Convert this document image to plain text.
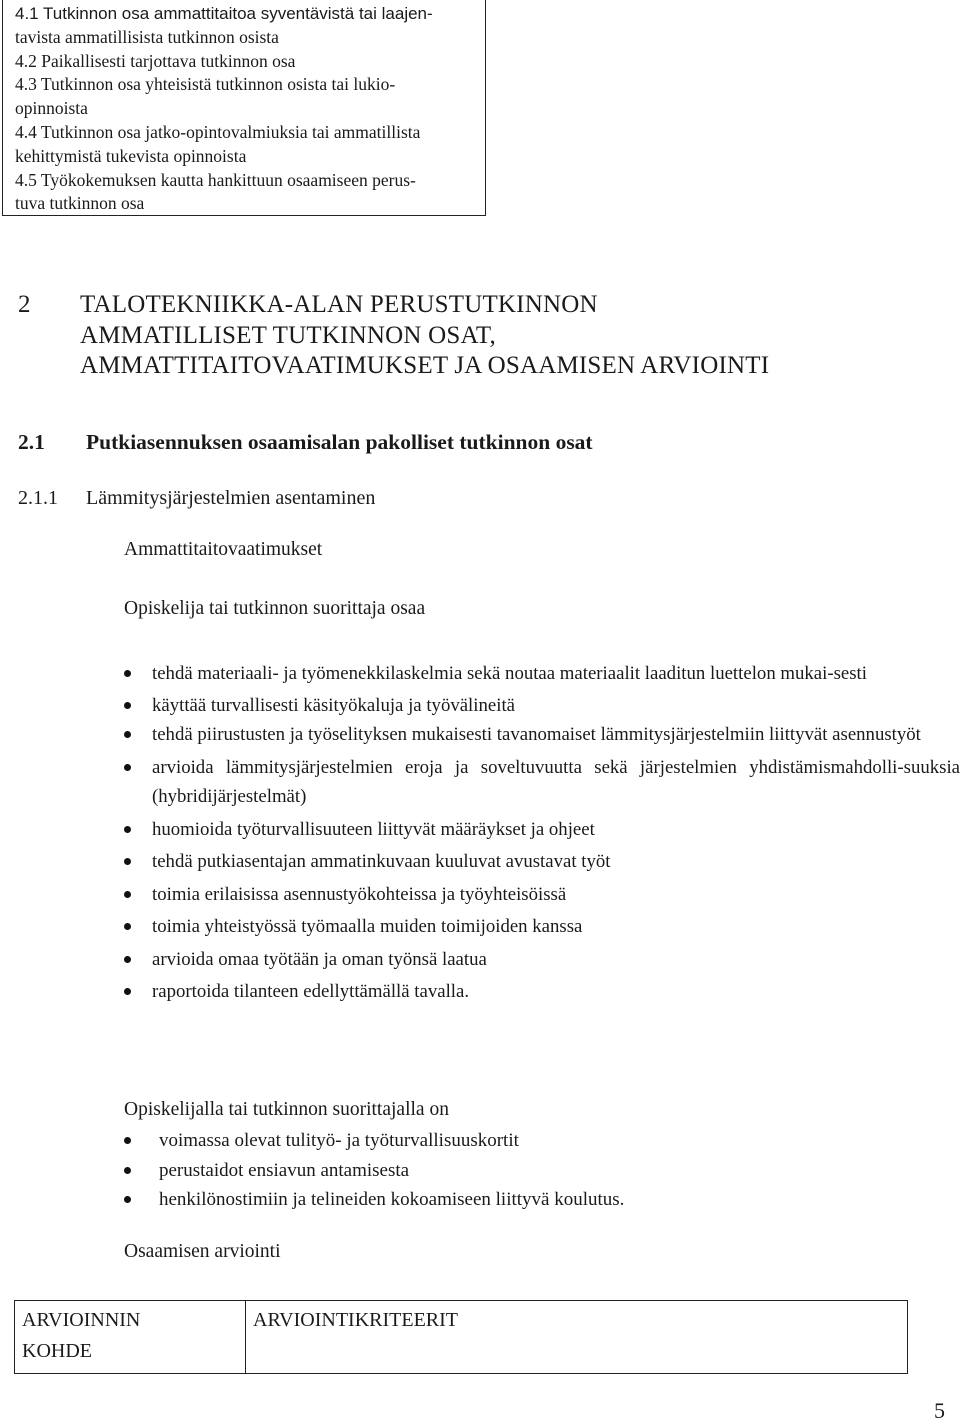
4.1 Tutkinnon osa ammattitaitoa syventävistä tai laajen-

tavista ammatillisista tutkinnon osista

4.2 Paikallisesti tarjottava tutkinnon osa

4.3 Tutkinnon osa yhteisistä tutkinnon osista tai lukio-

opinnoista

4.4 Tutkinnon osa jatko-opintovalmiuksia tai ammatillista

kehittymistä tukevista opinnoista

4.5 Työkokemuksen kautta hankittuun osaamiseen perus-

tuva tutkinnon osa

2 TALOTEKNIIKKA-ALAN PERUSTUTKINNON
AMMATILLISET TUTKINNON OSAT,
AMMATTITAITOVAATIMUKSET JA OSAAMISEN ARVIOINTI
2.1 Putkiasennuksen osaamisalan pakolliset tutkinnon osat
2.1.1 Lämmitysjärjestelmien asentaminen
Ammattitaitovaatimukset
Opiskelija tai tutkinnon suorittaja osaa
tehdä materiaali- ja työmenekkilaskelmia sekä noutaa materiaalit laaditun luettelon mukai-sesti
käyttää turvallisesti käsityökaluja ja työvälineitä
tehdä piirustusten ja työselityksen mukaisesti tavanomaiset lämmitysjärjestelmiin liittyvät asennustyöt
arvioida lämmitysjärjestelmien eroja ja soveltuvuutta sekä järjestelmien yhdistämismahdolli-suuksia (hybridijärjestelmät)
huomioida työturvallisuuteen liittyvät määräykset ja ohjeet
tehdä putkiasentajan ammatinkuvaan kuuluvat avustavat työt
toimia erilaisissa asennustyökohteissa ja työyhteisöissä
toimia yhteistyössä työmaalla muiden toimijoiden kanssa
arvioida omaa työtään ja oman työnsä laatua
raportoida tilanteen edellyttämällä tavalla.
Opiskelijalla tai tutkinnon suorittajalla on
voimassa olevat tulityö- ja työturvallisuuskortit
perustaidot ensiavun antamisesta
henkilönostimiin ja telineiden kokoamiseen liittyvä koulutus.
Osaamisen arviointi
ARVIOINNIN
KOHDE
	ARVIOINTIKRITEERIT
5
